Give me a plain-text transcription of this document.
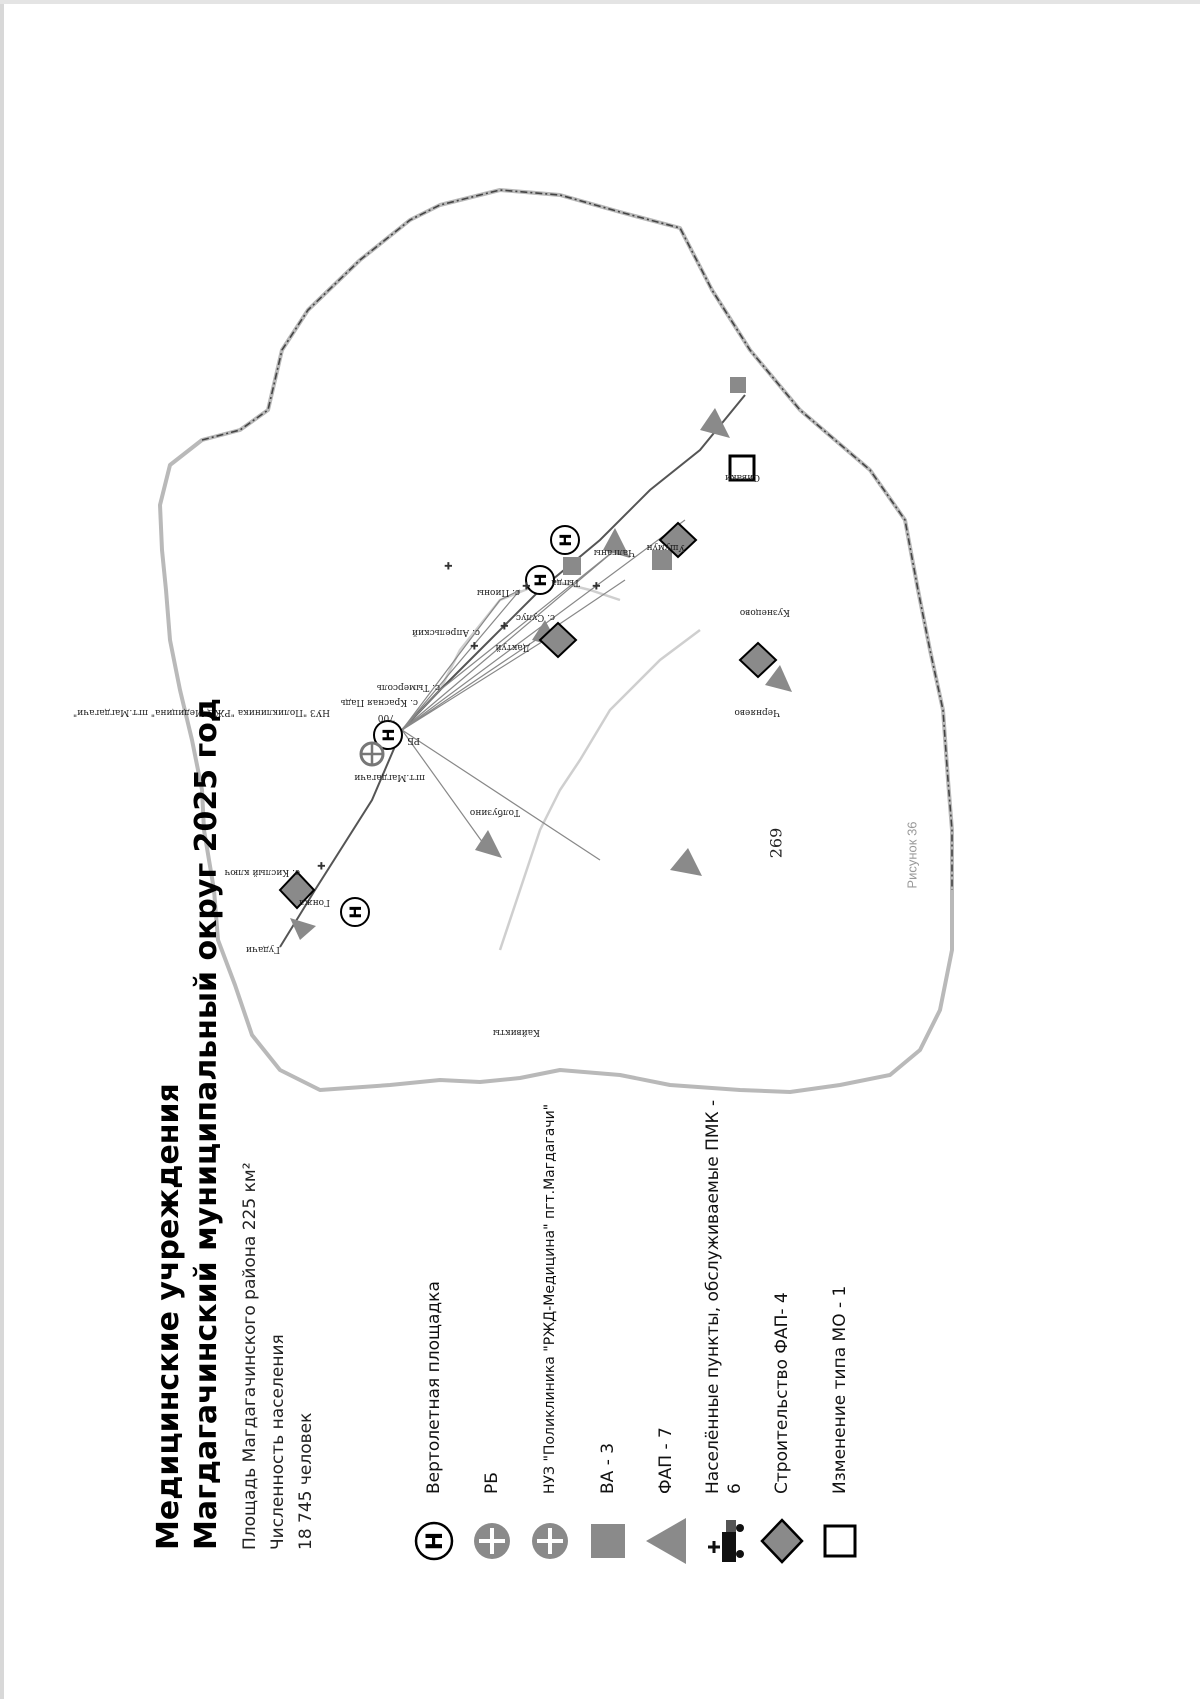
269	Рисунок 36
H
H
H
H
✚
✚
✚
✚
✚
✚
Гудачи
Гонжа
с. Кислый ключ
Толбузино
пгт.Магдагачи
РБ
НУЗ "Поликлиника "РЖД-Медицина" пгт.Магдагачи"	700
с. Красная Падь
с. Тымерсоль
с. Апрельский
с. Пионы
Дактуй
с. Сулус
Тыгда
Чалганы Ушумун
Сиваки
Черняево
Кузнецово
Кайвикты
Медицинские учреждения Магдагачинский муниципальный округ 2025 год Площадь Магдагачинского района 225 км² Численность населения 18 745 человек	H
Вертолетная площадка РБ	НУЗ "Поликлиника "РЖД-Медицина" пгт.Магдагачи" ВА - 3 ФАП - 7 Населённые пункты, обслуживаемые ПМК - 6 Строительство ФАП- 4 Изменение типа МО - 1
